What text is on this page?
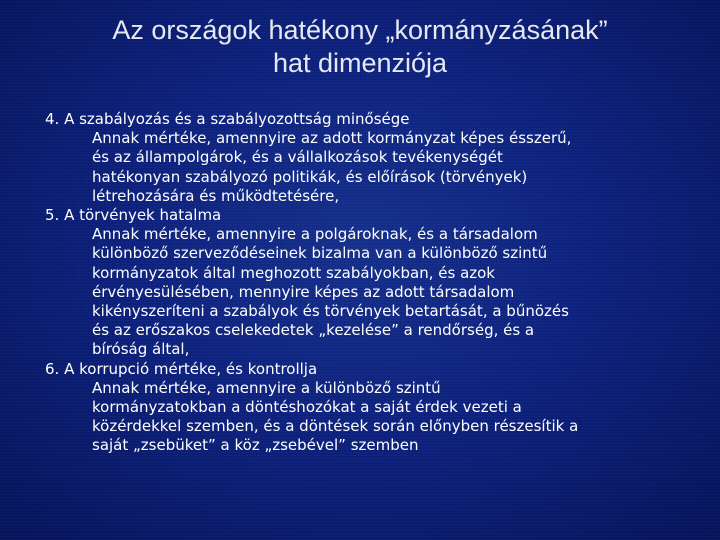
Az országok hatékony „kormányzásának”
hat dimenziója
4. A szabályozás és a szabályozottság minősége
Annak mértéke, amennyire az adott kormányzat képes ésszerű,
és az állampolgárok, és a vállalkozások tevékenységét
hatékonyan szabályozó politikák, és előírások (törvények)
létrehozására és működtetésére,
5. A törvények hatalma
Annak mértéke, amennyire a polgároknak, és a társadalom
különböző szerveződéseinek bizalma van a különböző szintű
kormányzatok által meghozott szabályokban, és azok
érvényesülésében, mennyire képes az adott társadalom
kikényszeríteni a szabályok és törvények betartását, a bűnözés
és az erőszakos cselekedetek „kezelése” a rendőrség, és a
bíróság által,
6. A korrupció mértéke, és kontrollja
Annak mértéke, amennyire a különböző szintű
kormányzatokban a döntéshozókat a saját érdek vezeti a
közérdekkel szemben, és a döntések során előnyben részesítik a
saját „zsebüket” a köz „zsebével” szemben
